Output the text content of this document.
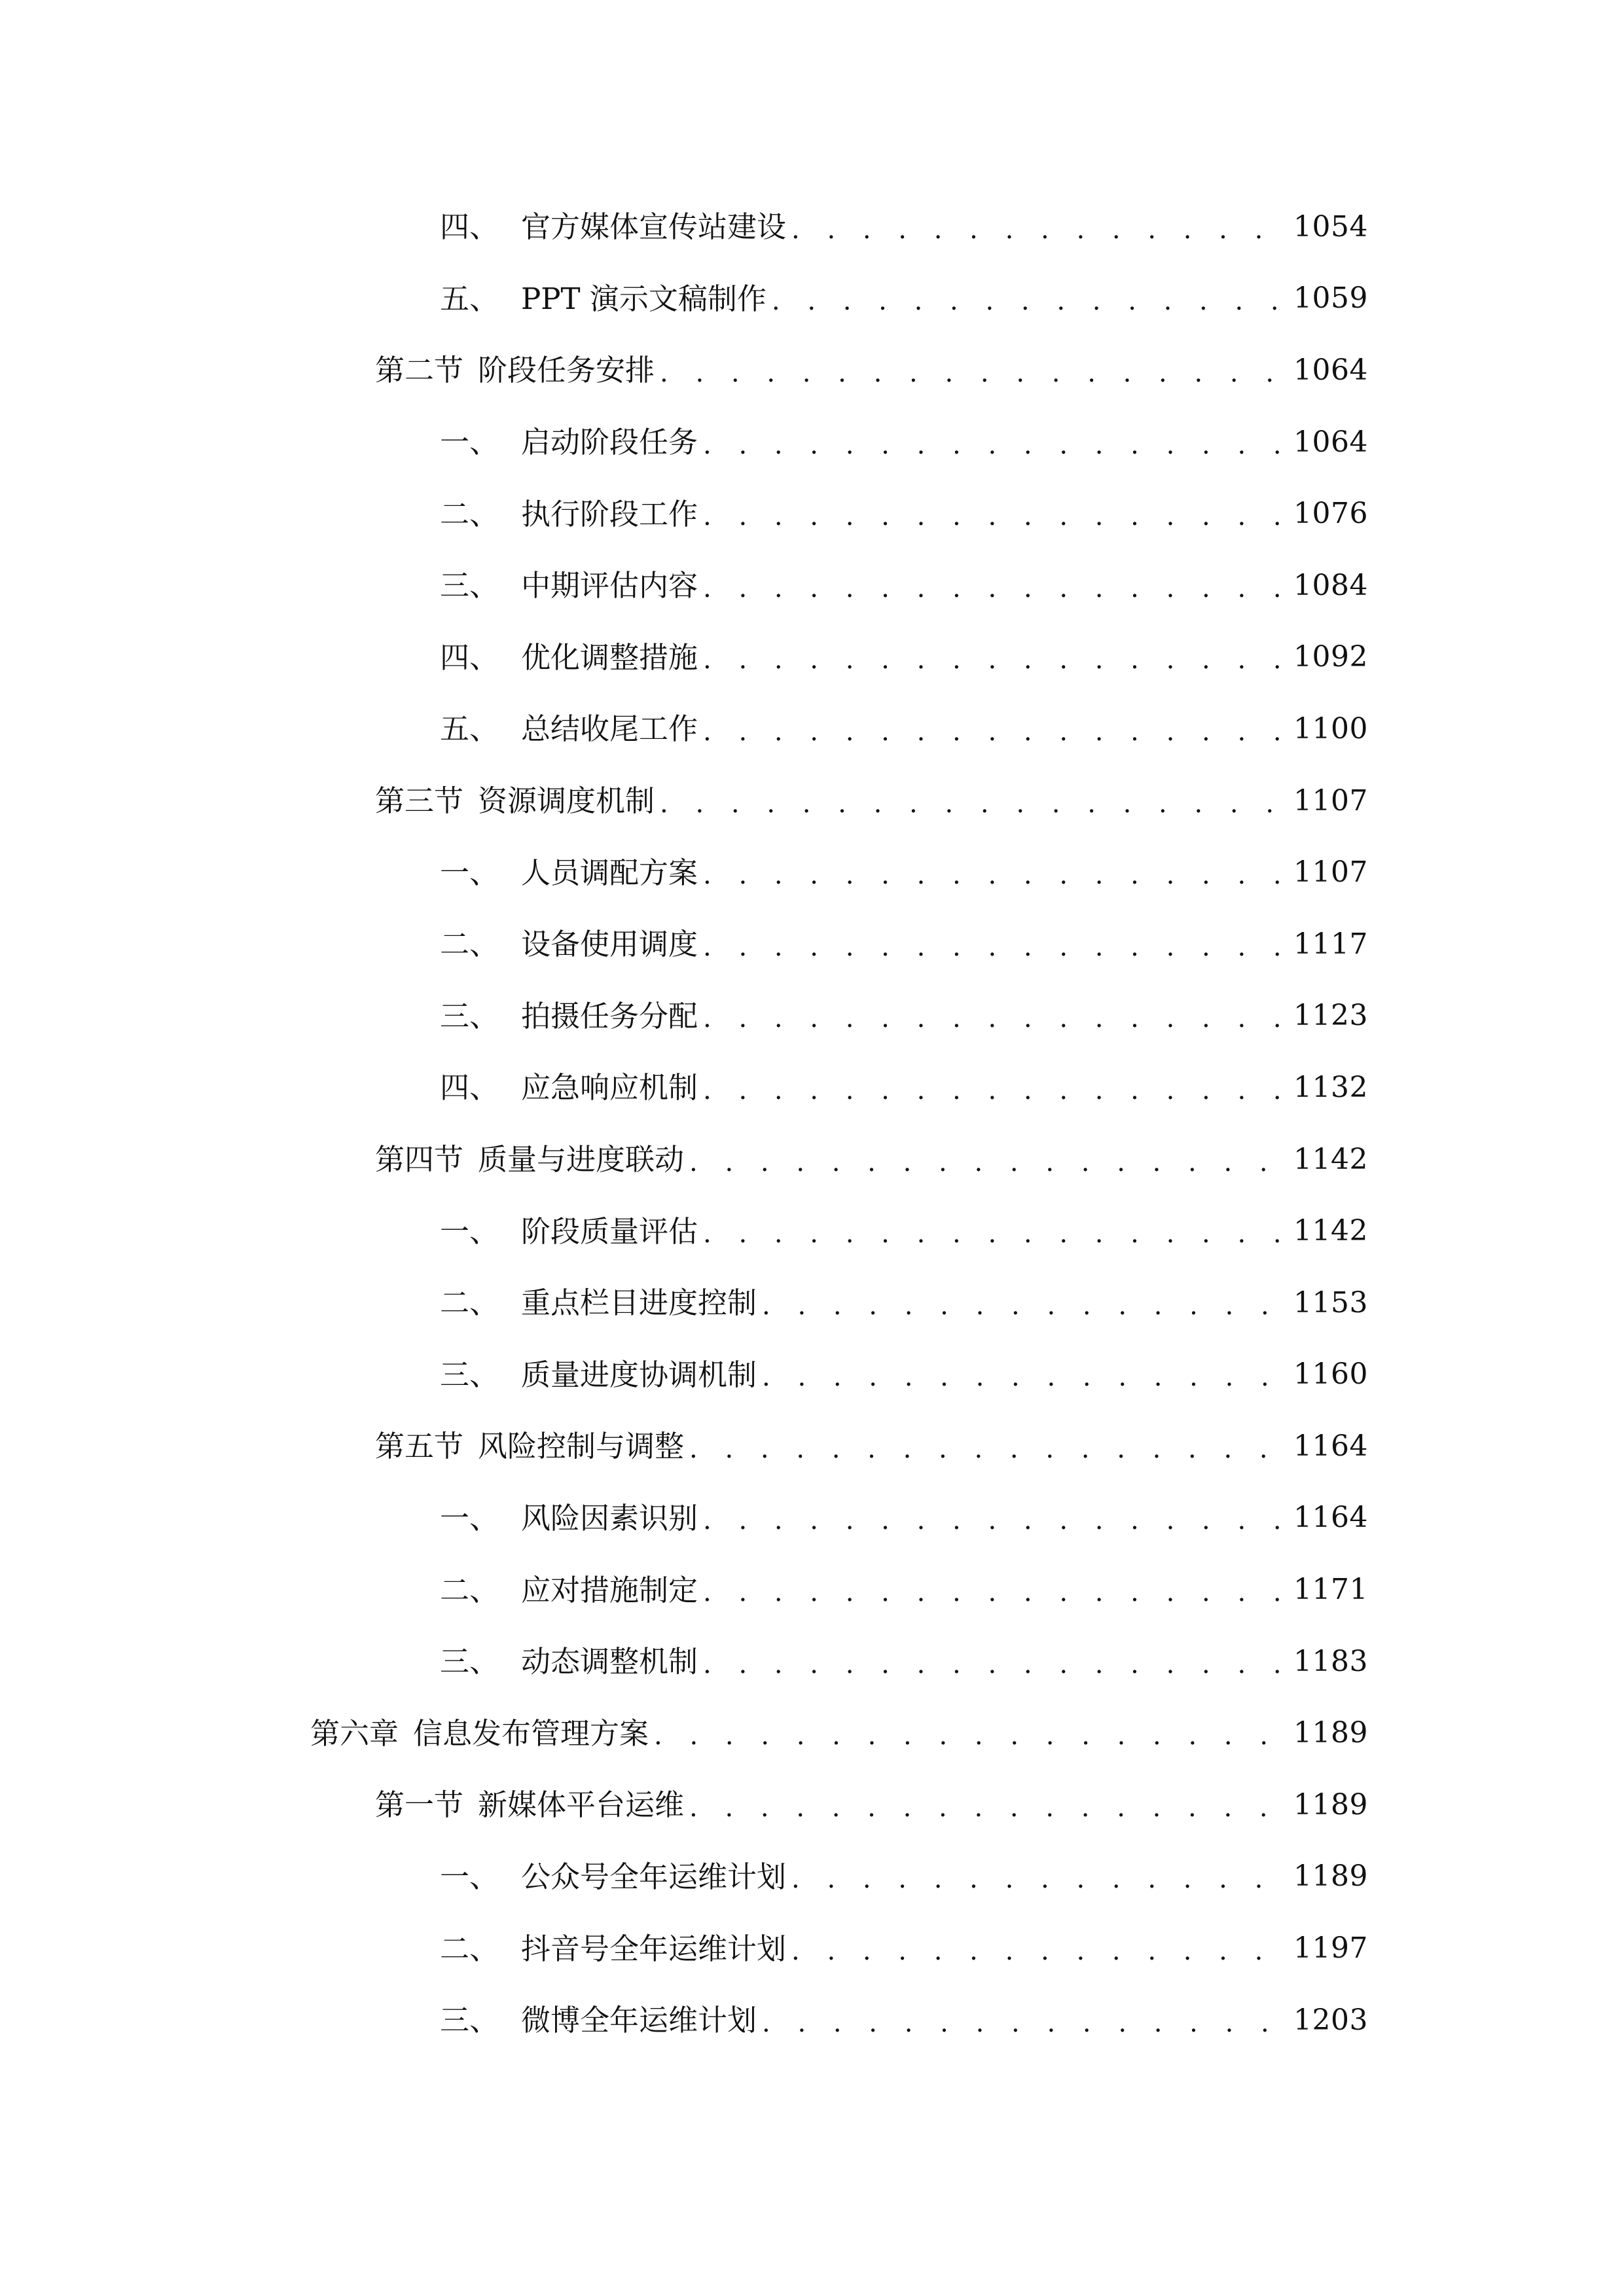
四、 官方媒体宣传站建设 . . .	1054
五、 PPT 演示文稿制作 . . .	1059
第二节 阶段任务安排 . . .	1064
一、 启动阶段任务 . . .	1064
二、 执行阶段工作 . . .	1076
三、 中期评估内容 . . .	1084
四、 优化调整措施 . . .	1092
五、 总结收尾工作 . . .	1100
第三节 资源调度机制 . . .	1107
一、 人员调配方案 . . .	1107
二、 设备使用调度 . . .	1117
三、 拍摄任务分配 . . .	1123
四、 应急响应机制 . . .	1132
第四节 质量与进度联动 . . .	1142
一、 阶段质量评估 . . .	1142
二、 重点栏目进度控制 . . .	1153
三、 质量进度协调机制 . . .	1160
第五节 风险控制与调整 . . .	1164
一、 风险因素识别 . . .	1164
二、 应对措施制定 . . .	1171
三、 动态调整机制 . . .	1183
第六章 信息发布管理方案 . . .	1189
第一节 新媒体平台运维 . . .	1189
一、 公众号全年运维计划 . . .	1189
二、 抖音号全年运维计划 . . .	1197
三、 微博全年运维计划 . . .	1203
